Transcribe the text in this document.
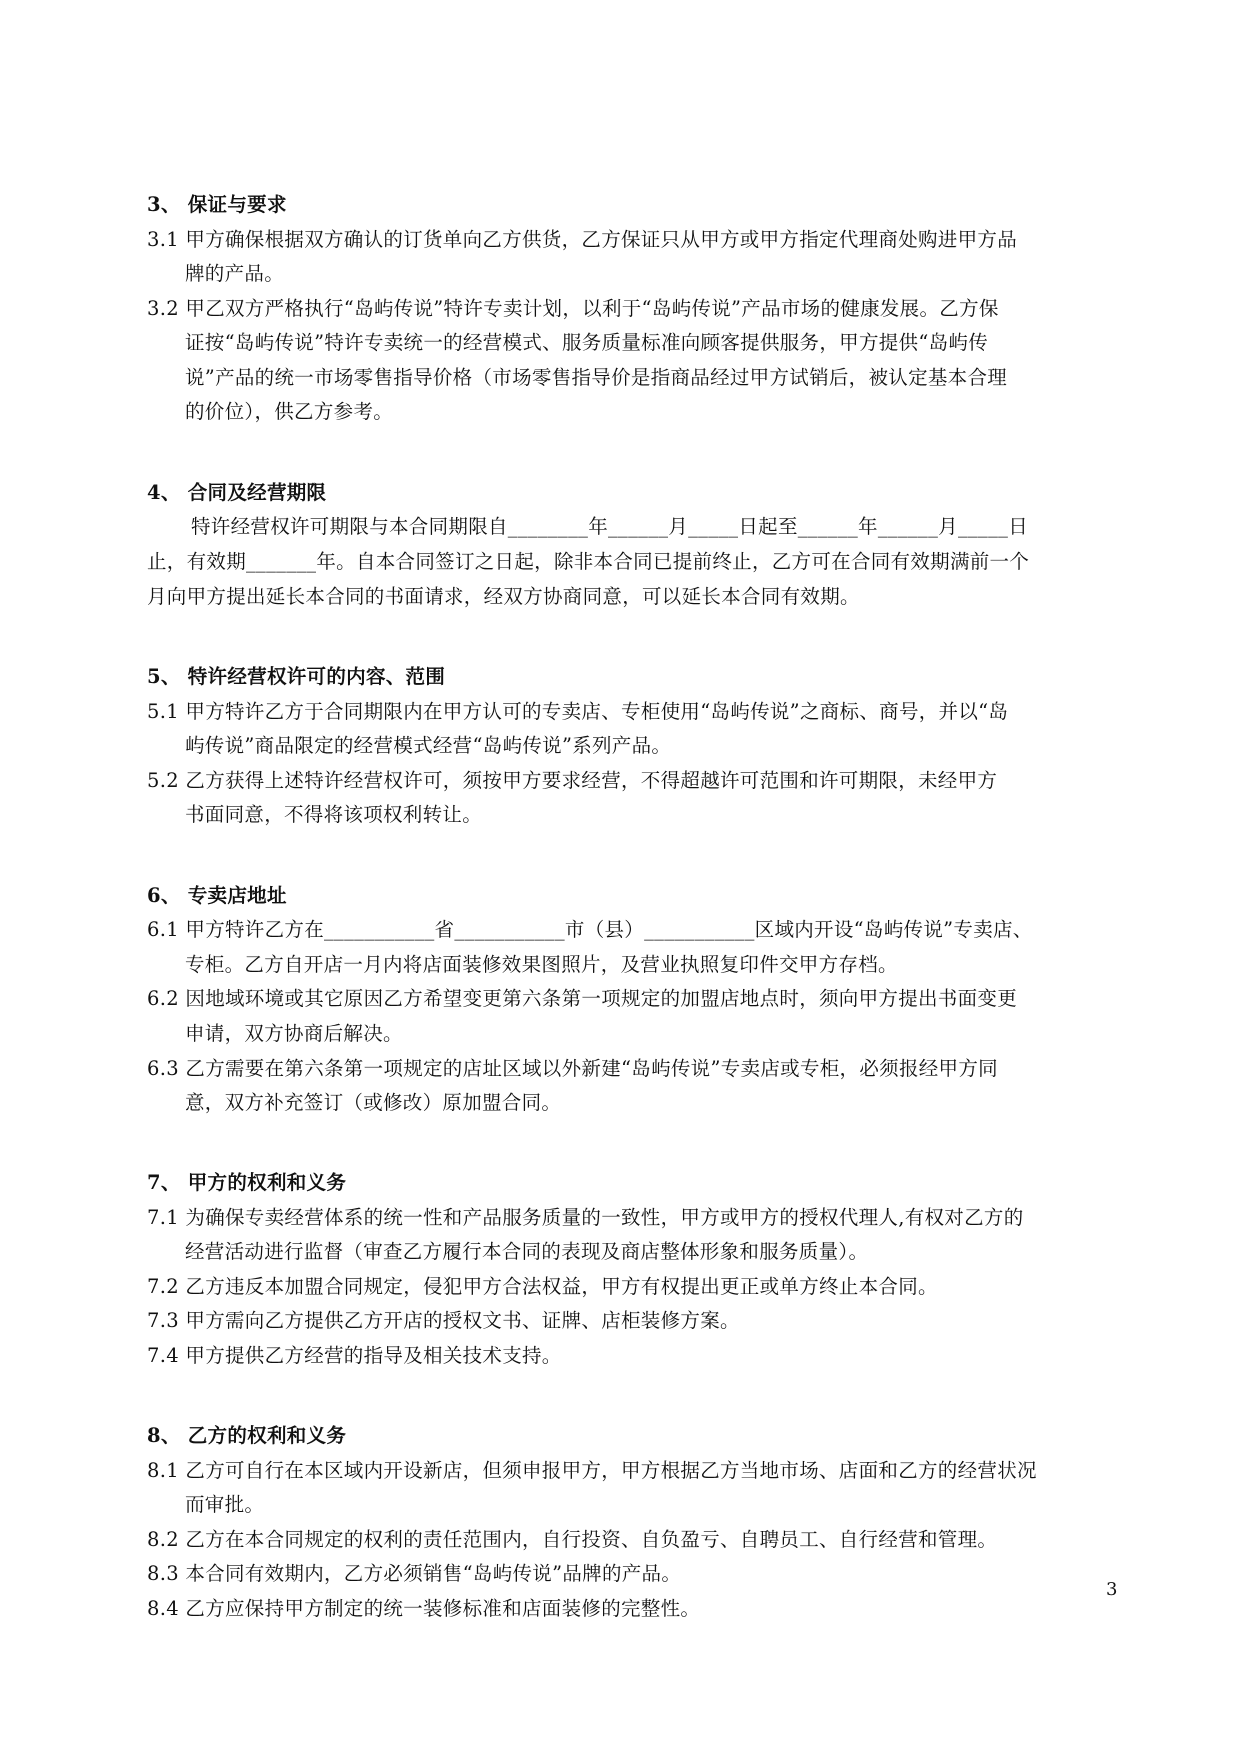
3、 保证与要求
3.1 甲方确保根据双方确认的订货单向乙方供货，乙方保证只从甲方或甲方指定代理商处购进甲方品
牌的产品。
3.2 甲乙双方严格执行“岛屿传说”特许专卖计划，以利于“岛屿传说”产品市场的健康发展。乙方保
证按“岛屿传说”特许专卖统一的经营模式、服务质量标准向顾客提供服务，甲方提供“岛屿传
说”产品的统一市场零售指导价格（市场零售指导价是指商品经过甲方试销后，被认定基本合理
的价位），供乙方参考。
4、 合同及经营期限
特许经营权许可期限与本合同期限自________年______月_____日起至______年______月_____日
止，有效期_______年。自本合同签订之日起，除非本合同已提前终止，乙方可在合同有效期满前一个
月向甲方提出延长本合同的书面请求，经双方协商同意，可以延长本合同有效期。
5、 特许经营权许可的内容、范围
5.1 甲方特许乙方于合同期限内在甲方认可的专卖店、专柜使用“岛屿传说”之商标、商号，并以“岛
屿传说”商品限定的经营模式经营“岛屿传说”系列产品。
5.2 乙方获得上述特许经营权许可，须按甲方要求经营，不得超越许可范围和许可期限，未经甲方
书面同意，不得将该项权利转让。
6、 专卖店地址
6.1 甲方特许乙方在___________省___________市（县）___________区域内开设“岛屿传说”专卖店、
专柜。乙方自开店一月内将店面装修效果图照片，及营业执照复印件交甲方存档。
6.2 因地域环境或其它原因乙方希望变更第六条第一项规定的加盟店地点时，须向甲方提出书面变更
申请，双方协商后解决。
6.3 乙方需要在第六条第一项规定的店址区域以外新建“岛屿传说”专卖店或专柜，必须报经甲方同
意，双方补充签订（或修改）原加盟合同。
7、 甲方的权利和义务
7.1 为确保专卖经营体系的统一性和产品服务质量的一致性，甲方或甲方的授权代理人,有权对乙方的
经营活动进行监督（审查乙方履行本合同的表现及商店整体形象和服务质量）。
7.2 乙方违反本加盟合同规定，侵犯甲方合法权益，甲方有权提出更正或单方终止本合同。
7.3 甲方需向乙方提供乙方开店的授权文书、证牌、店柜装修方案。
7.4 甲方提供乙方经营的指导及相关技术支持。
8、 乙方的权利和义务
8.1 乙方可自行在本区域内开设新店，但须申报甲方，甲方根据乙方当地市场、店面和乙方的经营状况
而审批。
8.2 乙方在本合同规定的权利的责任范围内，自行投资、自负盈亏、自聘员工、自行经营和管理。
8.3 本合同有效期内，乙方必须销售“岛屿传说”品牌的产品。
8.4 乙方应保持甲方制定的统一装修标准和店面装修的完整性。
3
